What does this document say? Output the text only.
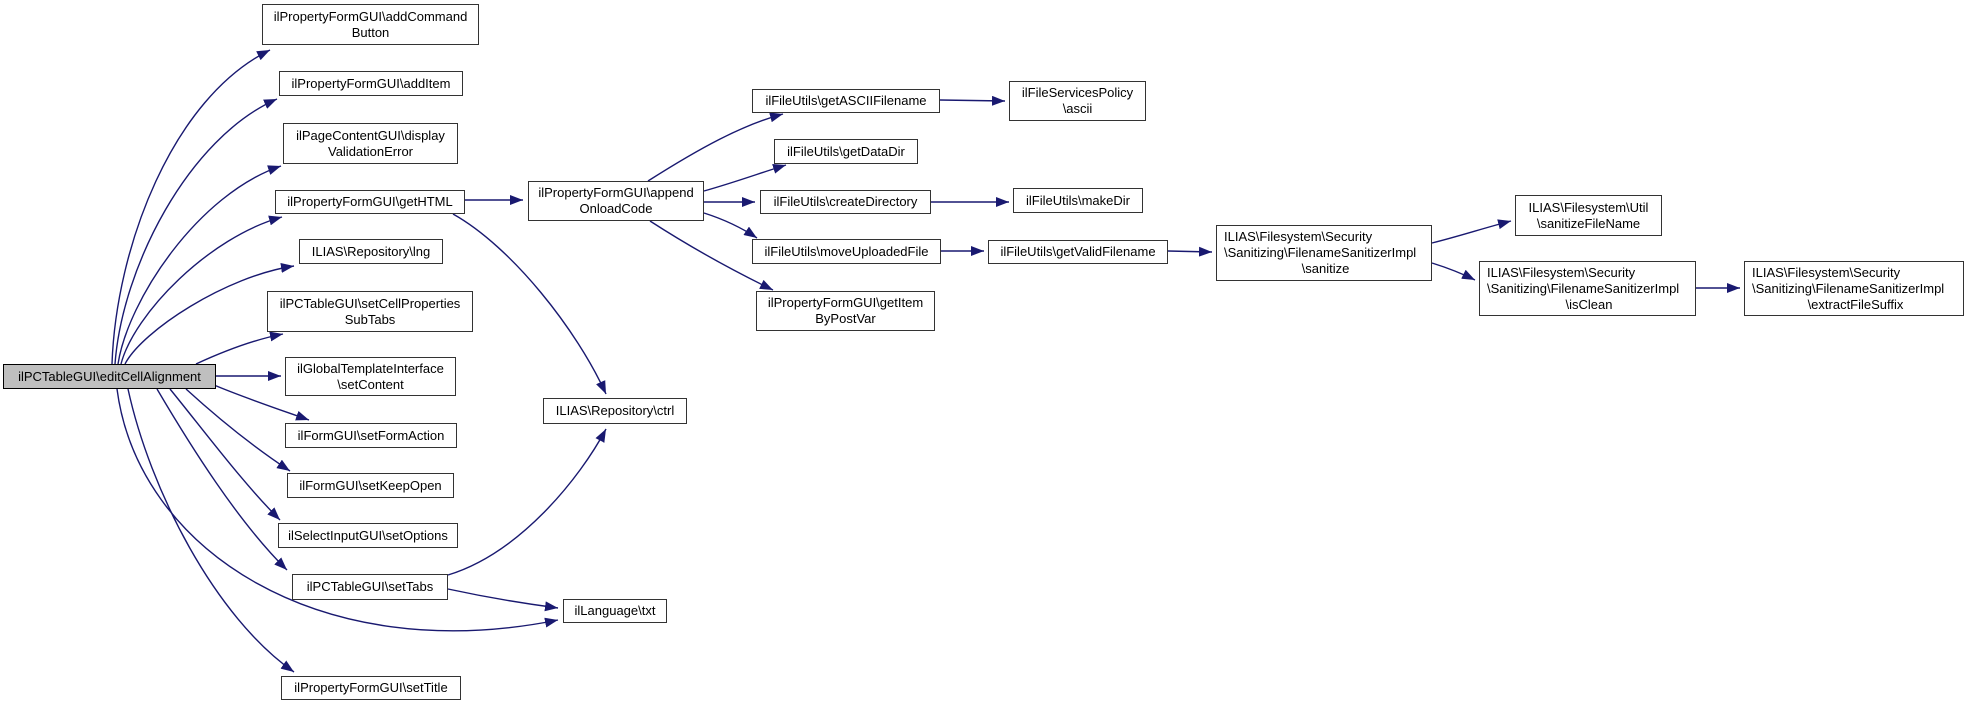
ilPCTableGUI\editCellAlignment
ilPropertyFormGUI\addCommand
Button
ilPropertyFormGUI\addItem
ilPageContentGUI\display
ValidationError
ilPropertyFormGUI\getHTML
ILIAS\Repository\lng
ilPCTableGUI\setCellProperties
SubTabs
ilGlobalTemplateInterface
\setContent
ilFormGUI\setFormAction
ilFormGUI\setKeepOpen
ilSelectInputGUI\setOptions
ilPCTableGUI\setTabs
ilPropertyFormGUI\setTitle
ilPropertyFormGUI\append
OnloadCode
ILIAS\Repository\ctrl
ilLanguage\txt
ilFileUtils\getASCIIFilename
ilFileUtils\getDataDir
ilFileUtils\createDirectory
ilFileUtils\moveUploadedFile
ilPropertyFormGUI\getItem
ByPostVar
ilFileServicesPolicy
\ascii
ilFileUtils\makeDir
ilFileUtils\getValidFilename
ILIAS\Filesystem\Security
\Sanitizing\FilenameSanitizerImpl
\sanitize
ILIAS\Filesystem\Util
\sanitizeFileName
ILIAS\Filesystem\Security
\Sanitizing\FilenameSanitizerImpl
\isClean
ILIAS\Filesystem\Security
\Sanitizing\FilenameSanitizerImpl
\extractFileSuffix
